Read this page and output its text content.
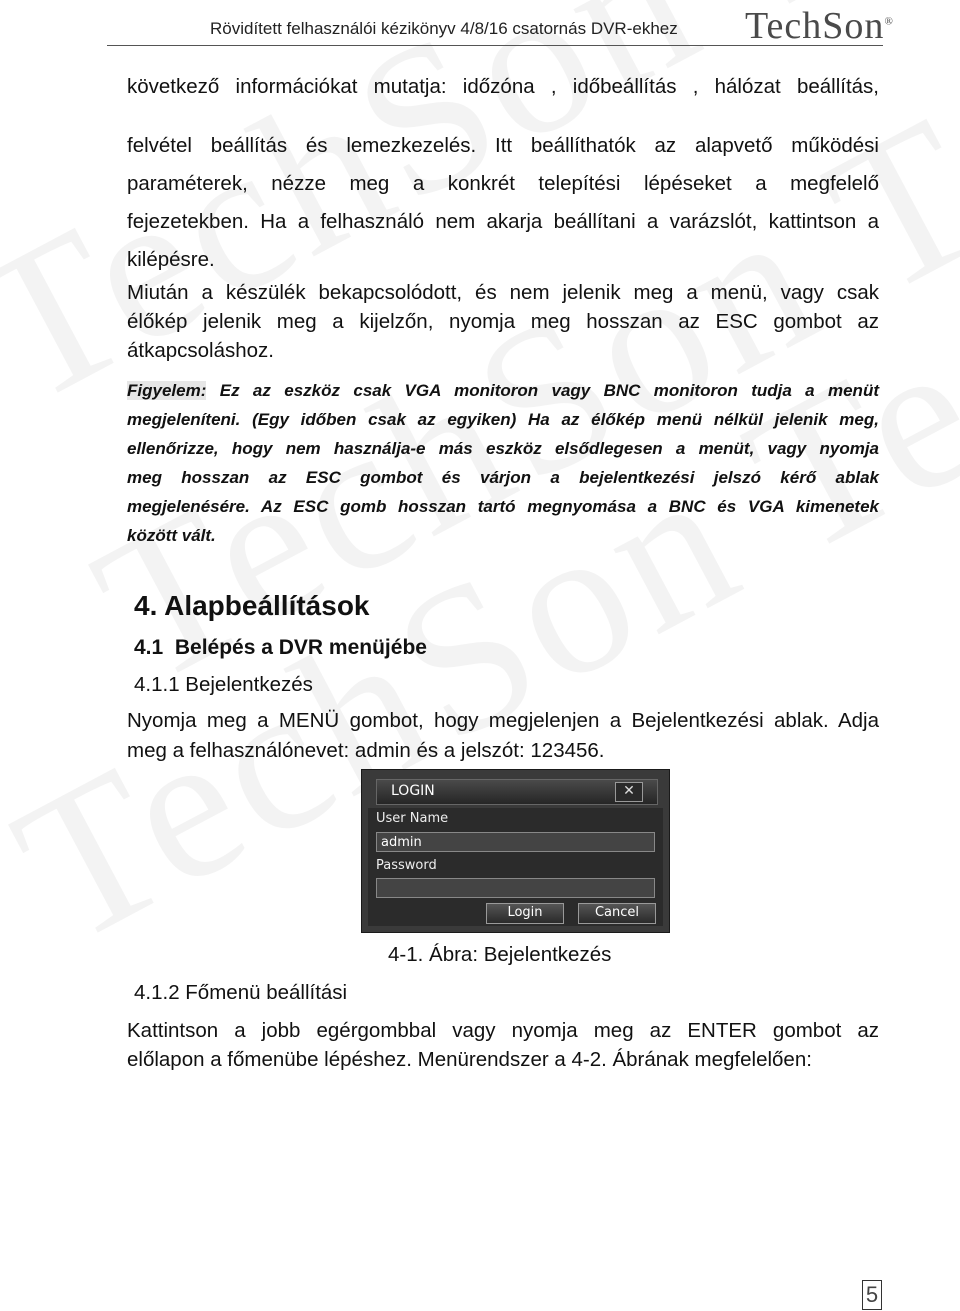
Rövidített felhasználói kézikönyv 4/8/16 csatornás DVR-ekhez TechSon®
következő információkat mutatja: időzóna , időbeállítás , hálózat beállítás,
felvétel beállítás és lemezkezelés. Itt beállíthatók az alapvető működési
paraméterek, nézze meg a konkrét telepítési lépéseket a megfelelő
fejezetekben. Ha a felhasználó nem akarja beállítani a varázslót, kattintson a
kilépésre.
Miután a készülék bekapcsolódott, és nem jelenik meg a menü, vagy csak
élőkép jelenik meg a kijelzőn, nyomja meg hosszan az ESC gombot az
átkapcsoláshoz.
Figyelem: Ez az eszköz csak VGA monitoron vagy BNC monitoron tudja a menüt
megjeleníteni. (Egy időben csak az egyiken) Ha az élőkép menü nélkül jelenik meg,
ellenőrizze, hogy nem használja-e más eszköz elsődlegesen a menüt, vagy nyomja
meg hosszan az ESC gombot és várjon a bejelentkezési jelszó kérő ablak
megjelenésére. Az ESC gomb hosszan tartó megnyomása a BNC és VGA kimenetek
között vált.
4. Alapbeállítások
4.1  Belépés a DVR menüjébe
4.1.1 Bejelentkezés
Nyomja meg a MENÜ gombot, hogy megjelenjen a Bejelentkezési ablak. Adja
meg a felhasználónevet: admin és a jelszót: 123456.
LOGIN	✕
User Name
admin
Password
Login	Cancel
4-1. Ábra: Bejelentkezés
4.1.2 Főmenü beállítási
Kattintson a jobb egérgombbal vagy nyomja meg az ENTER gombot az
előlapon a főmenübe lépéshez. Menürendszer a 4-2. Ábrának megfelelően:
5
